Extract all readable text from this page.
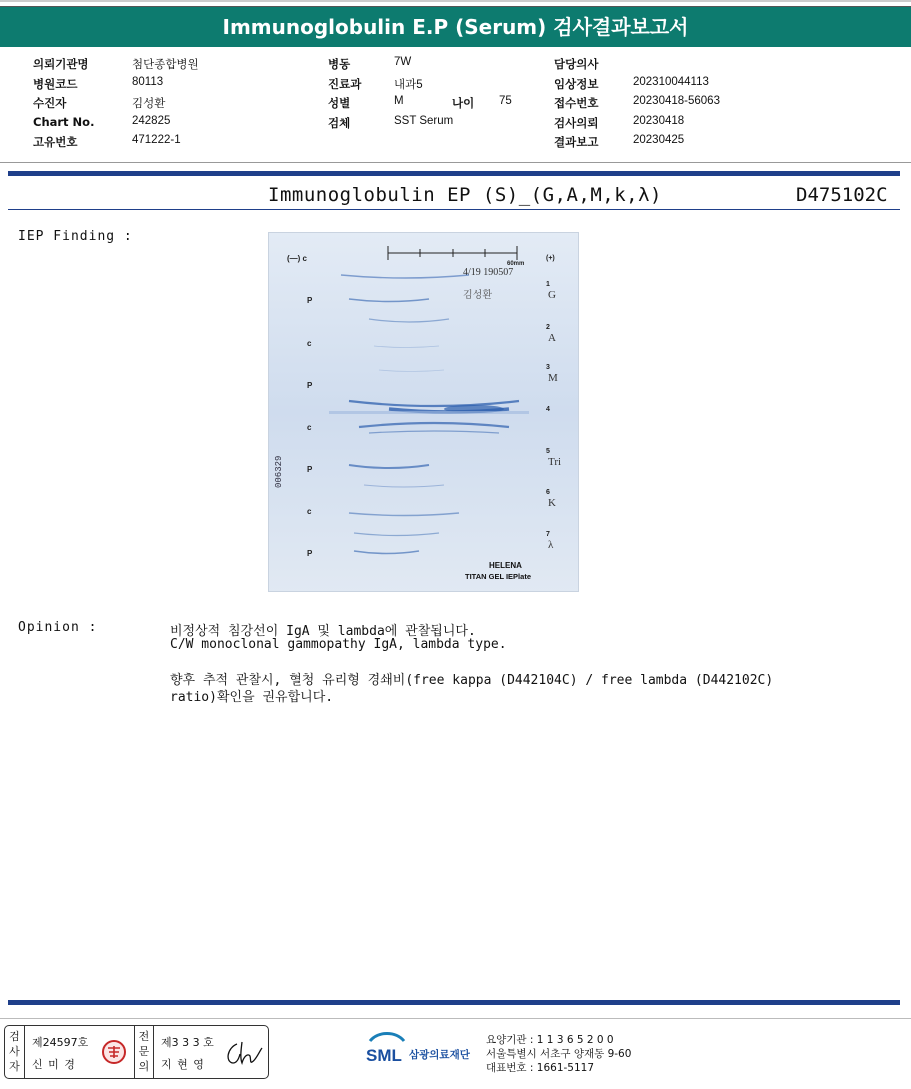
Immunoglobulin E.P (Serum) 검사결과보고서
의뢰기관명	첨단종합병원
병원코드	80113
수진자	김성환
Chart No.	242825
고유번호	471222-1
병동	7W
진료과	내과5
성별	M	나이 75
검체	SST Serum
담당의사
임상정보	202310044113
접수번호	20230418-56063
검사의뢰	20230418
결과보고	20230425
Immunoglobulin EP (S)_(G,A,M,k,λ)	D475102C
IEP Finding :
60mm
4/19 190507
김성환
006329
HELENA
TITAN GEL IEPlate
(—) c
P
c
P
c
P
c
P
(+)
1
G
2
A
3
M
4
5
Tri
6
K
7
λ
Opinion :	비정상적 침강선이 IgA 및 lambda에 관찰됩니다.
C/W monoclonal gammopathy IgA, lambda type.
향후 추적 관찰시, 혈청 유리형 경쇄비(free kappa (D442104C) / free lambda (D442102C)
ratio)확인을 권유합니다.
검사자
제24597호
신 미 경
전문의
제3 3 3 호
지 현 영	SML 삼광의료재단
요양기관 : 1 1 3 6 5 2 0 0
서울특별시 서초구 양재동 9-60
대표번호 : 1661-5117
